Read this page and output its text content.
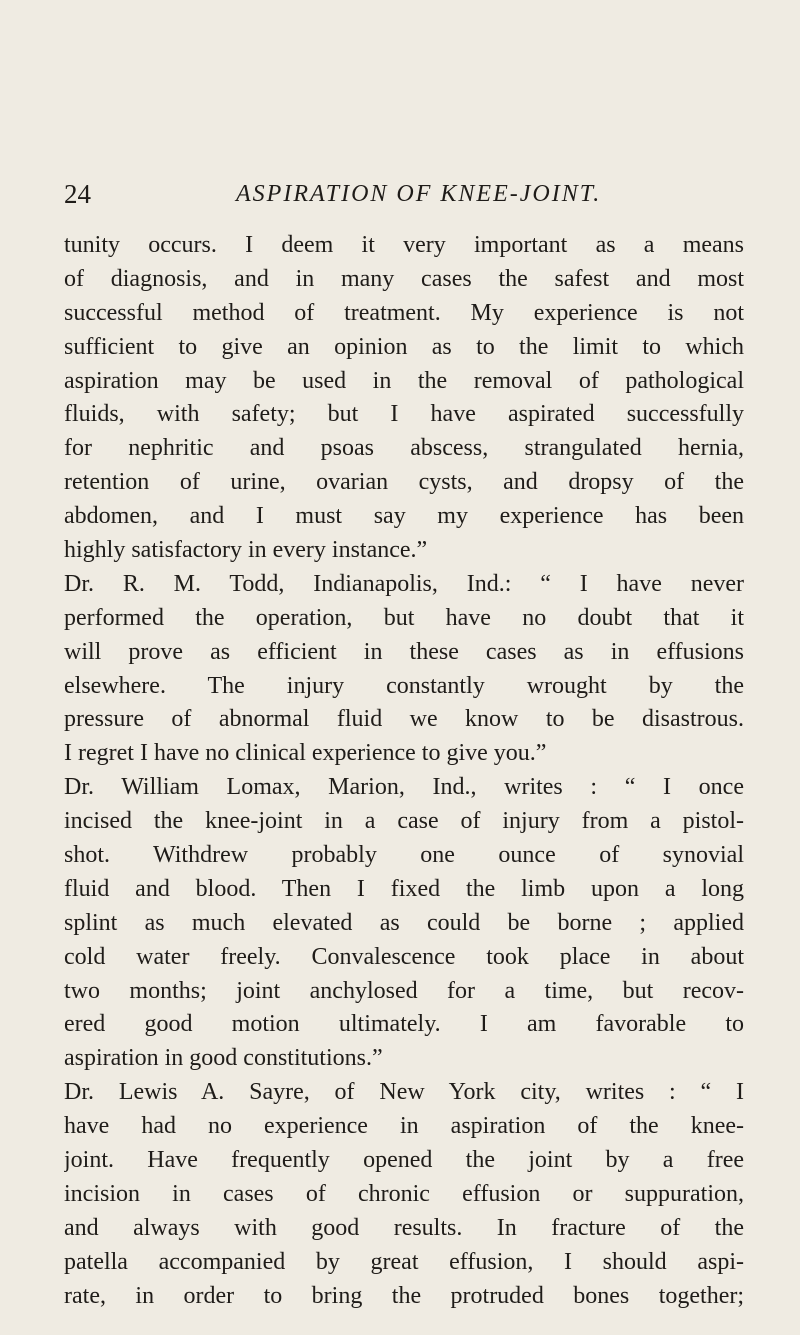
24	ASPIRATION OF KNEE-JOINT.
tunity occurs. I deem it very important as a means
of diagnosis, and in many cases the safest and most
successful method of treatment. My experience is not
sufficient to give an opinion as to the limit to which
aspiration may be used in the removal of pathological
fluids, with safety; but I have aspirated successfully
for nephritic and psoas abscess, strangulated hernia,
retention of urine, ovarian cysts, and dropsy of the
abdomen, and I must say my experience has been
highly satisfactory in every instance.”
Dr. R. M. Todd, Indianapolis, Ind.: “ I have never
performed the operation, but have no doubt that it
will prove as efficient in these cases as in effusions
elsewhere. The injury constantly wrought by the
pressure of abnormal fluid we know to be disastrous.
I regret I have no clinical experience to give you.”
Dr. William Lomax, Marion, Ind., writes : “ I once
incised the knee-joint in a case of injury from a pistol-
shot. Withdrew probably one ounce of synovial
fluid and blood. Then I fixed the limb upon a long
splint as much elevated as could be borne ; applied
cold water freely. Convalescence took place in about
two months; joint anchylosed for a time, but recov-
ered good motion ultimately. I am favorable to
aspiration in good constitutions.”
Dr. Lewis A. Sayre, of New York city, writes : “ I
have had no experience in aspiration of the knee-
joint. Have frequently opened the joint by a free
incision in cases of chronic effusion or suppuration,
and always with good results. In fracture of the
patella accompanied by great effusion, I should aspi-
rate, in order to bring the protruded bones together;
